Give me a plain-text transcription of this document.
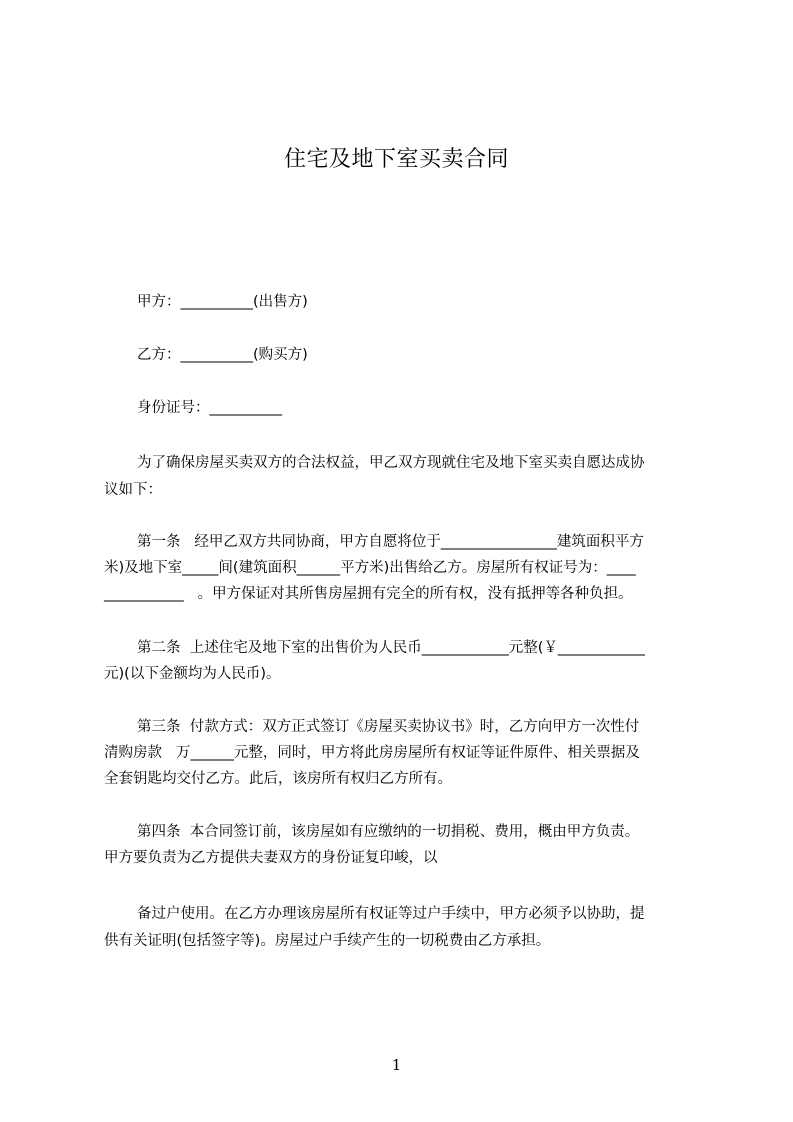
住宅及地下室买卖合同
甲方：__________(出售方)
乙方：__________(购买方)
身份证号：__________
为了确保房屋买卖双方的合法权益，甲乙双方现就住宅及地下室买卖自愿达成协
议如下：
第一条   经甲乙双方共同协商，甲方自愿将位于________________建筑面积平方
米)及地下室_____间(建筑面积______平方米)出售给乙方。房屋所有权证号为：____
___________   。甲方保证对其所售房屋拥有完全的所有权，没有抵押等各种负担。
第二条  上述住宅及地下室的出售价为人民币____________元整(￥____________
元)(以下金额均为人民币)。
第三条  付款方式：双方正式签订《房屋买卖协议书》时，乙方向甲方一次性付
清购房款   万______元整，同时，甲方将此房房屋所有权证等证件原件、相关票据及
全套钥匙均交付乙方。此后，该房所有权归乙方所有。
第四条  本合同签订前，该房屋如有应缴纳的一切捐税、费用，概由甲方负责。
甲方要负责为乙方提供夫妻双方的身份证复印峻，以
备过户使用。在乙方办理该房屋所有权证等过户手续中，甲方必须予以协助，提
供有关证明(包括签字等)。房屋过户手续产生的一切税费由乙方承担。
1
